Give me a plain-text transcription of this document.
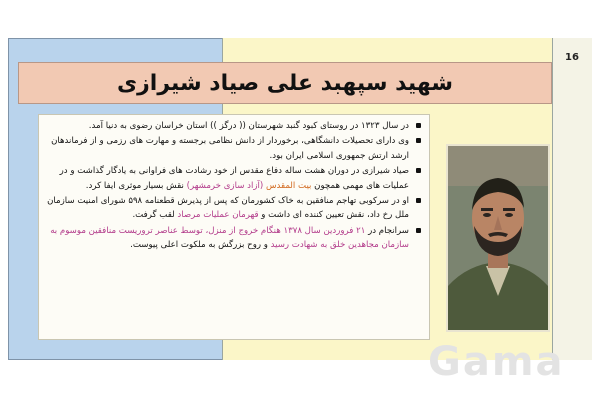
16
شهید سپهبد علی صیاد شیرازی
در سال ۱۳۲۳ در روستای کبود گنبد شهرستان (( درگز )) استان خراسان رضوی به دنیا آمد.
وی دارای تحصیلات دانشگاهی، برخوردار از دانش نظامی برجسته و مهارت های رزمی و از فرماندهان ارشد ارتش جمهوری اسلامی ایران بود.
صیاد شیرازی در دوران هشت ساله دفاع مقدس از خود رشادت های فراوانی به یادگار گذاشت و در عملیات های مهمی همچون بیت المقدس (آزاد سازی خرمشهر) نقش بسیار موثری ایفا کرد.
او در سرکوبی تهاجم منافقین به خاک کشورمان که پس از پذیرش قطعنامه ۵۹۸ شورای امنیت سازمان ملل رخ داد، نقش تعیین کننده ای داشت و قهرمان عملیات مرصاد لقب گرفت.
سرانجام در ۲۱ فروردین سال ۱۳۷۸ هنگام خروج از منزل، توسط عناصر تروریست منافقین موسوم به سازمان مجاهدین خلق به شهادت رسید و روح بزرگش به ملکوت اعلی پیوست.
Gama
